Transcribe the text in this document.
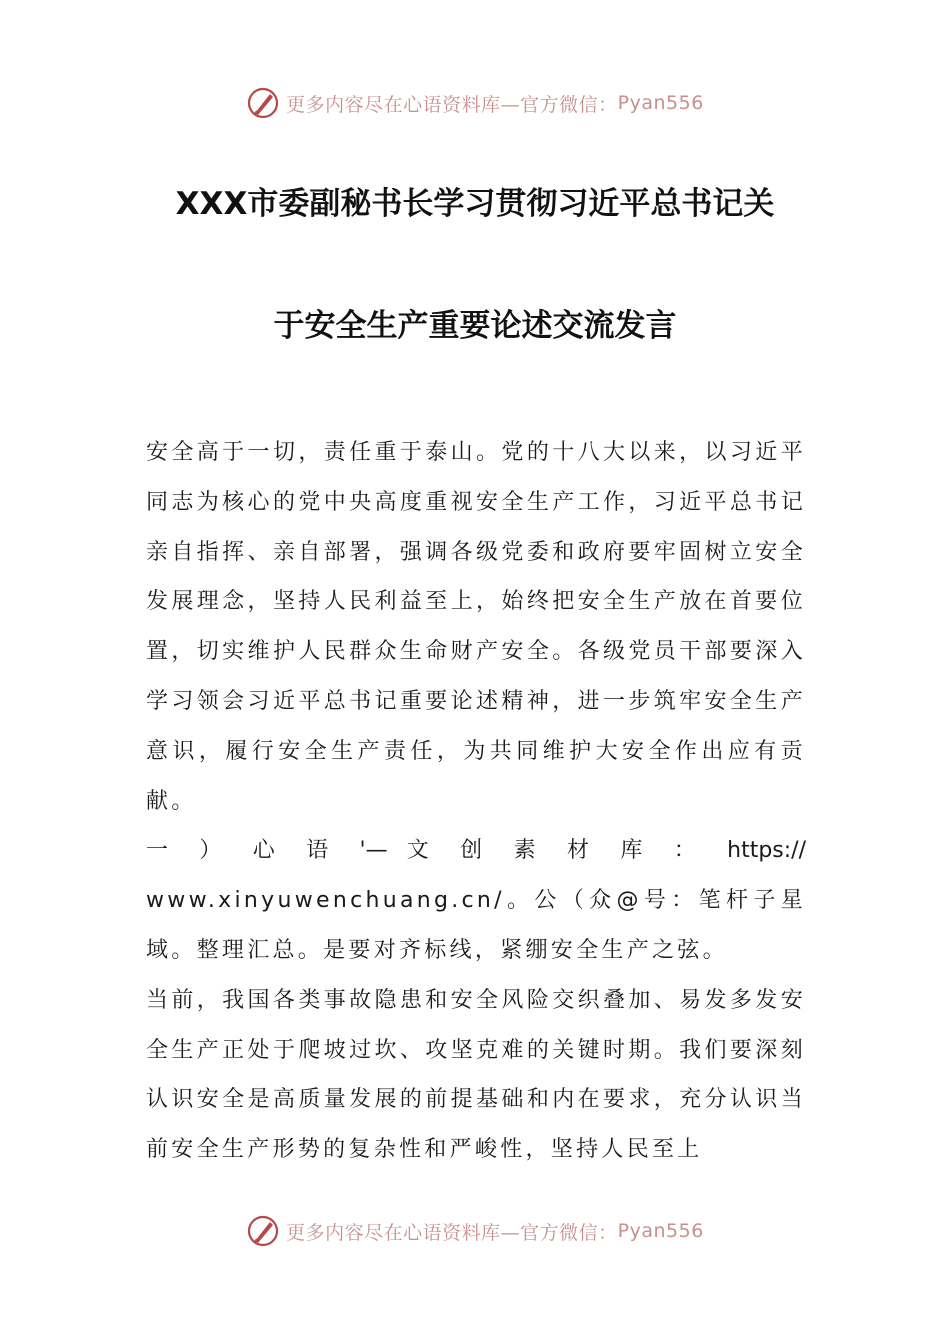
更多内容尽在心语资料库—官方微信： Pyan556
XXX市委副秘书长学习贯彻习近平总书记关
于安全生产重要论述交流发言

安全高于一切，责任重于泰山。党的十八大以来，以习近平同志为核心的党中央高度重视安全生产工作，习近平总书记亲自指挥、亲自部署，强调各级党委和政府要牢固树立安全发展理念，坚持人民利益至上，始终把安全生产放在首要位置，切实维护人民群众生命财产安全。各级党员干部要深入学习领会习近平总书记重要论述精神，进一步筑牢安全生产意识，履行安全生产责任，为共同维护大安全作出应有贡献。

一 ） 心 语 '— 文 创 素 材 库 ： https://

www.xinyuwenchuang.cn/。公（众@号：笔杆子星域。整理汇总。是要对齐标线，紧绷安全生产之弦。

当前，我国各类事故隐患和安全风险交织叠加、易发多发安全生产正处于爬坡过坎、攻坚克难的关键时期。我们要深刻认识安全是高质量发展的前提基础和内在要求，充分认识当前安全生产形势的复杂性和严峻性，坚持人民至上

更多内容尽在心语资料库—官方微信： Pyan556
